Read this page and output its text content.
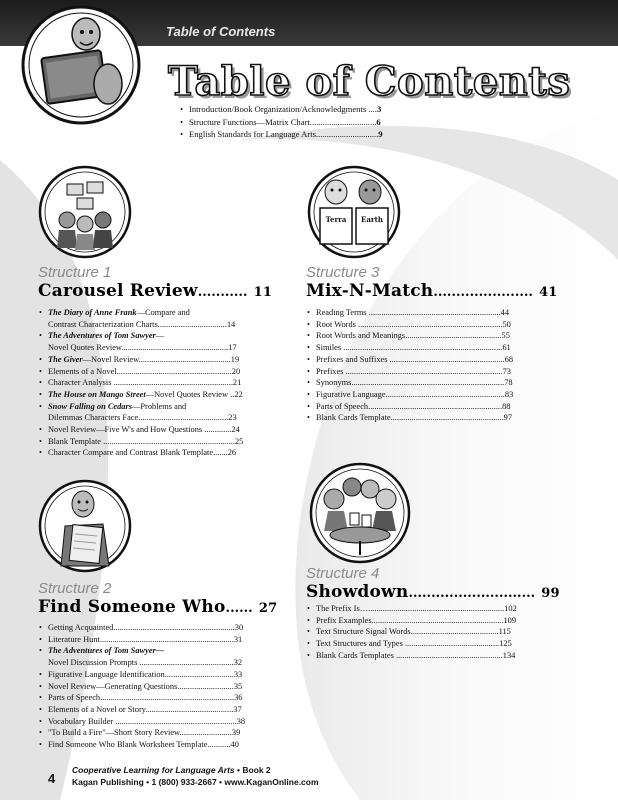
Table of Contents
Table of Contents
• Introduction/Book Organization/Acknowledgments ....3
• Structure Functions—Matrix Chart...............................6
• English Standards for Language Arts.............................9
Structure 1
Carousel Review........... 11
• The Diary of Anne Frank—Compare and
Contrast Characterization Charts.................................14
• The Adventures of Tom Sawyer—
Novel Quotes Review...................................................17
• The Giver—Novel Review............................................19
• Elements of a Novel.......................................................20
• Character Analysis .........................................................21
• The House on Mango Street—Novel Quotes Review ..22
• Snow Falling on Cedars—Problems and
Dilemmas Characters Face...........................................23
• Novel Review—Five W's and How Questions .............24
• Blank Template ...............................................................25
• Character Compare and Contrast Blank Template.......26
Structure 2
Find Someone Who...... 27
• Getting Acquainted..........................................................30
• Literature Hunt................................................................31
• The Adventures of Tom Sawyer—
Novel Discussion Prompts .............................................32
• Figurative Language Identification.................................33
• Novel Review—Generating Questions...........................35
• Parts of Speech................................................................36
• Elements of a Novel or Story..........................................37
• Vocabulary Builder ..........................................................38
• "To Build a Fire"—Short Story Review.........................39
• Find Someone Who Blank Worksheet Template...........40
Terra Earth
Structure 3
Mix-N-Match...................... 41
• Reading Terms ...............................................................44
• Root Words .....................................................................50
• Root Words and Meanings..............................................55
• Similes ............................................................................61
• Prefixes and Suffixes .......................................................68
• Prefixes ...........................................................................73
• Synonyms.........................................................................78
• Figurative Language.........................................................83
• Parts of Speech................................................................88
• Blank Cards Template......................................................97
Structure 4
Showdown............................ 99
• The Prefix Is….................................................................102
• Prefix Examples...............................................................109
• Text Structure Signal Words..........................................115
• Text Structures and Types .............................................125
• Blank Cards Templates ...................................................134
4
Cooperative Learning for Language Arts • Book 2
Kagan Publishing • 1 (800) 933-2667 • www.KaganOnline.com
